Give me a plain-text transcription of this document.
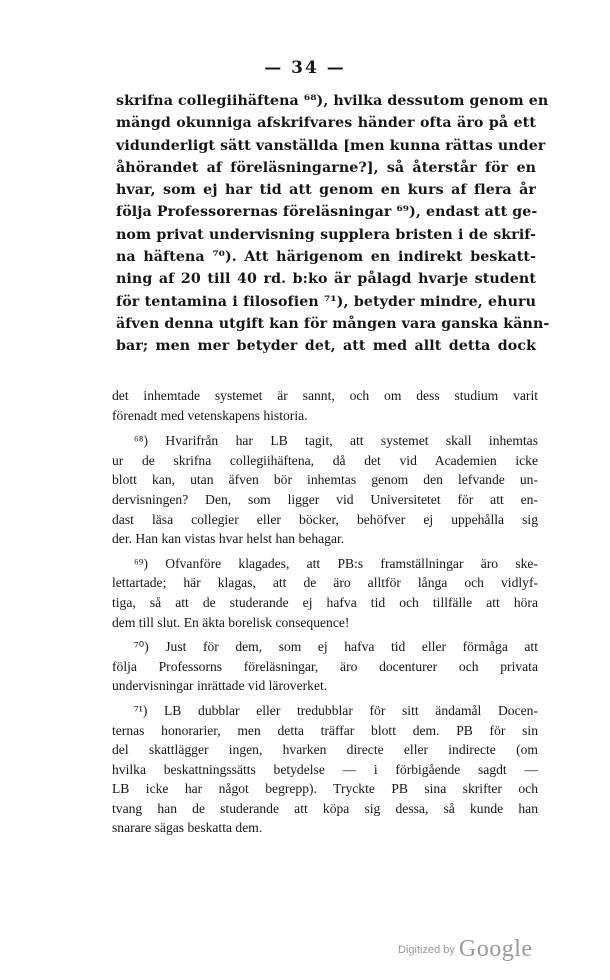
— 34 —
skrifna collegiihäftena ⁶⁸), hvilka dessutom genom en
mängd okunniga afskrifvares händer ofta äro på ett
vidunderligt sätt vanställda [men kunna rättas under
åhörandet af föreläsningarne?], så återstår för en
hvar, som ej har tid att genom en kurs af flera år
följa Professorernas föreläsningar ⁶⁹), endast att ge-
nom privat undervisning supplera bristen i de skrif-
na häftena ⁷⁰). Att härigenom en indirekt beskatt-
ning af 20 till 40 rd. b:ko är pålagd hvarje student
för tentamina i filosofien ⁷¹), betyder mindre, ehuru
äfven denna utgift kan för mången vara ganska känn-
bar; men mer betyder det, att med allt detta dock
det inhemtade systemet är sannt, och om dess studium varit
förenadt med vetenskapens historia.
⁶⁸) Hvarifrån har LB tagit, att systemet skall inhemtas
ur de skrifna collegiihäftena, då det vid Academien icke
blott kan, utan äfven bör inhemtas genom den lefvande un-
dervisningen? Den, som ligger vid Universitetet för att en-
dast läsa collegier eller böcker, behöfver ej uppehålla sig
der. Han kan vistas hvar helst han behagar.
⁶⁹) Ofvanföre klagades, att PB:s framställningar äro ske-
lettartade; här klagas, att de äro alltför långa och vidlyf-
tiga, så att de studerande ej hafva tid och tillfälle att höra
dem till slut. En äkta borelisk consequence!
⁷⁰) Just för dem, som ej hafva tid eller förmåga att
följa Professorns föreläsningar, äro docenturer och privata
undervisningar inrättade vid läroverket.
⁷¹) LB dubblar eller tredubblar för sitt ändamål Docen-
ternas honorarier, men detta träffar blott dem. PB för sin
del skattlägger ingen, hvarken directe eller indirecte (om
hvilka beskattningssätts betydelse — i förbigående sagdt —
LB icke har något begrepp). Tryckte PB sina skrifter och
tvang han de studerande att köpa sig dessa, så kunde han
snarare sägas beskatta dem.
Digitized by Google
